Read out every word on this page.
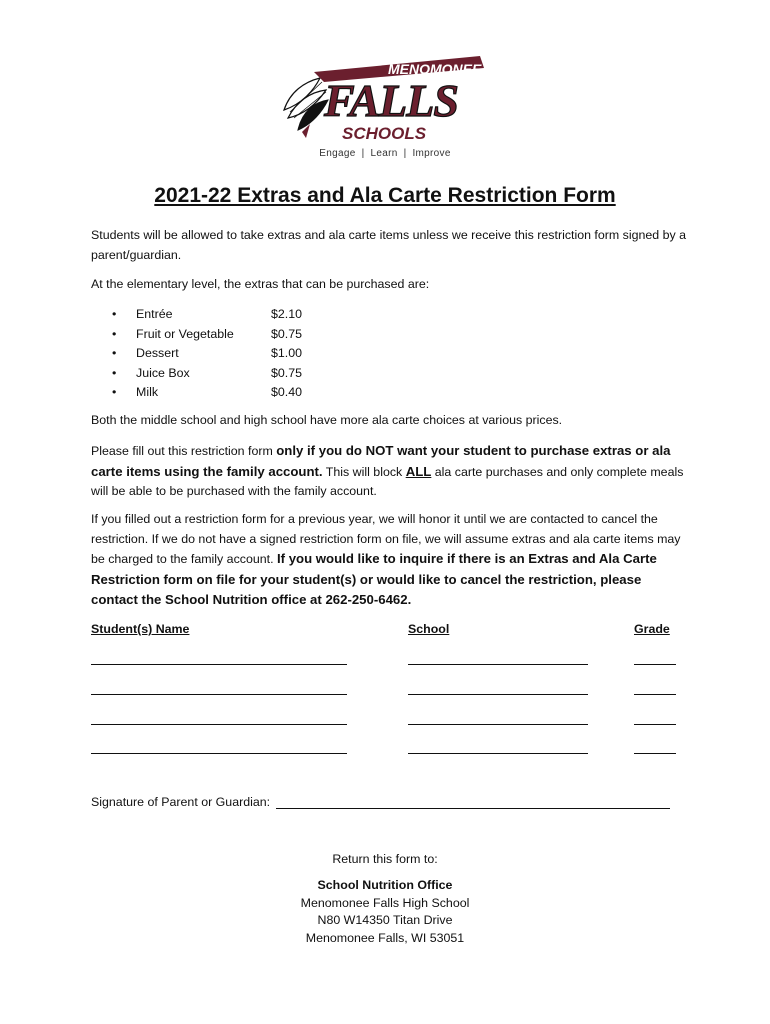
MENOMONEE
FALLS
SCHOOLS
Engage | Learn | Improve
2021-22 Extras and Ala Carte Restriction Form

Students will be allowed to take extras and ala carte items unless we receive this restriction form signed by a parent/guardian.

At the elementary level, the extras that can be purchased are:

• Entrée	$2.10
• Fruit or Vegetable	$0.75
• Dessert	$1.00
• Juice Box	$0.75
• Milk	$0.40

Both the middle school and high school have more ala carte choices at various prices.

Please fill out this restriction form only if you do NOT want your student to purchase extras or ala carte items using the family account. This will block ALL ala carte purchases and only complete meals will be able to be purchased with the family account.

If you filled out a restriction form for a previous year, we will honor it until we are contacted to cancel the restriction. If we do not have a signed restriction form on file, we will assume extras and ala carte items may be charged to the family account. If you would like to inquire if there is an Extras and Ala Carte Restriction form on file for your student(s) or would like to cancel the restriction, please contact the School Nutrition office at 262-250-6462.

Student(s) Name	School	Grade
Signature of Parent or Guardian:
Return this form to:
School Nutrition Office
Menomonee Falls High School
N80 W14350 Titan Drive
Menomonee Falls, WI 53051
